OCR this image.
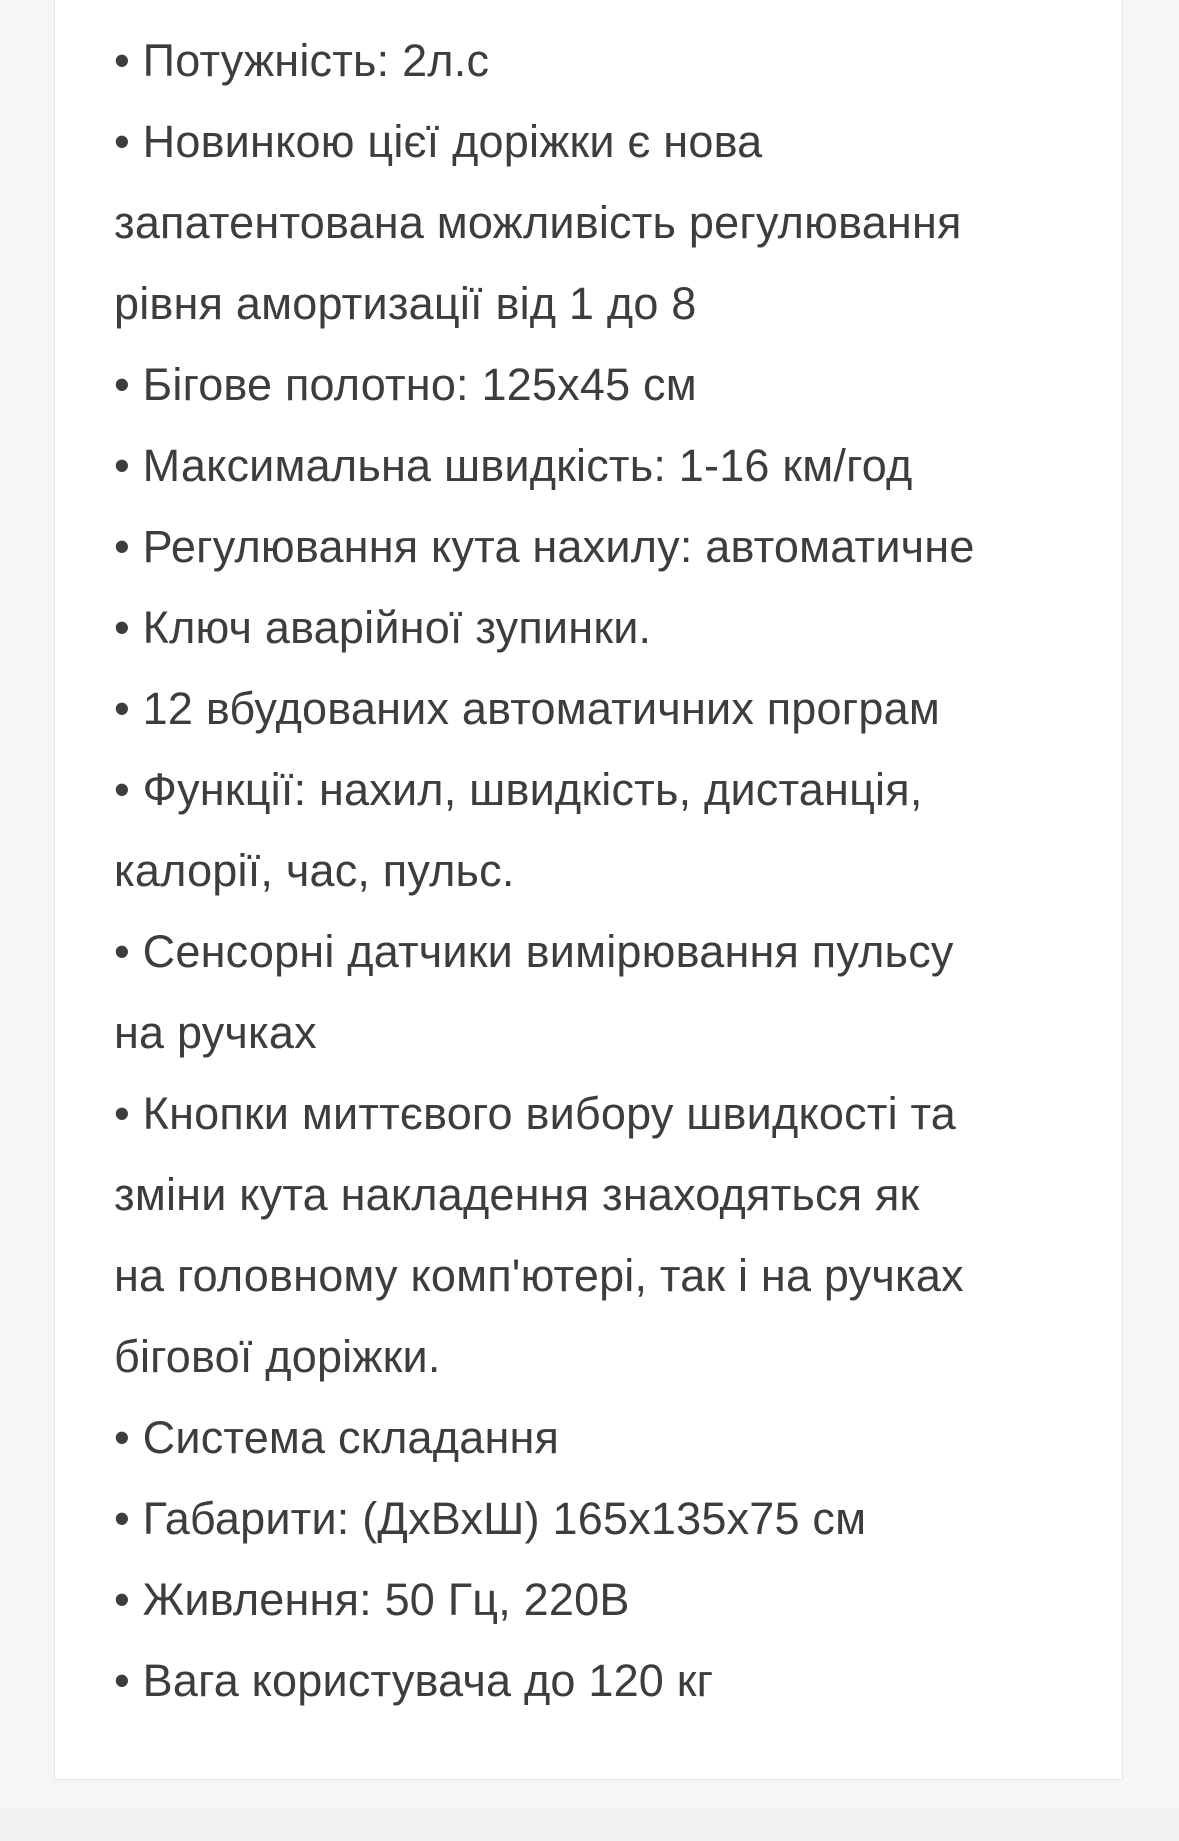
• Потужність: 2л.с
• Новинкою цієї доріжки є нова
запатентована можливість регулювання
рівня амортизації від 1 до 8
• Бігове полотно: 125х45 см
• Максимальна швидкість: 1-16 км/год
• Регулювання кута нахилу: автоматичне
• Ключ аварійної зупинки.
• 12 вбудованих автоматичних програм
• Функції: нахил, швидкість, дистанція,
калорії, час, пульс.
• Сенсорні датчики вимірювання пульсу
на ручках
• Кнопки миттєвого вибору швидкості та
зміни кута накладення знаходяться як
на головному комп'ютері, так і на ручках
бігової доріжки.
• Система складання
• Габарити: (ДхВхШ) 165х135х75 см
• Живлення: 50 Гц, 220В
• Вага користувача до 120 кг
